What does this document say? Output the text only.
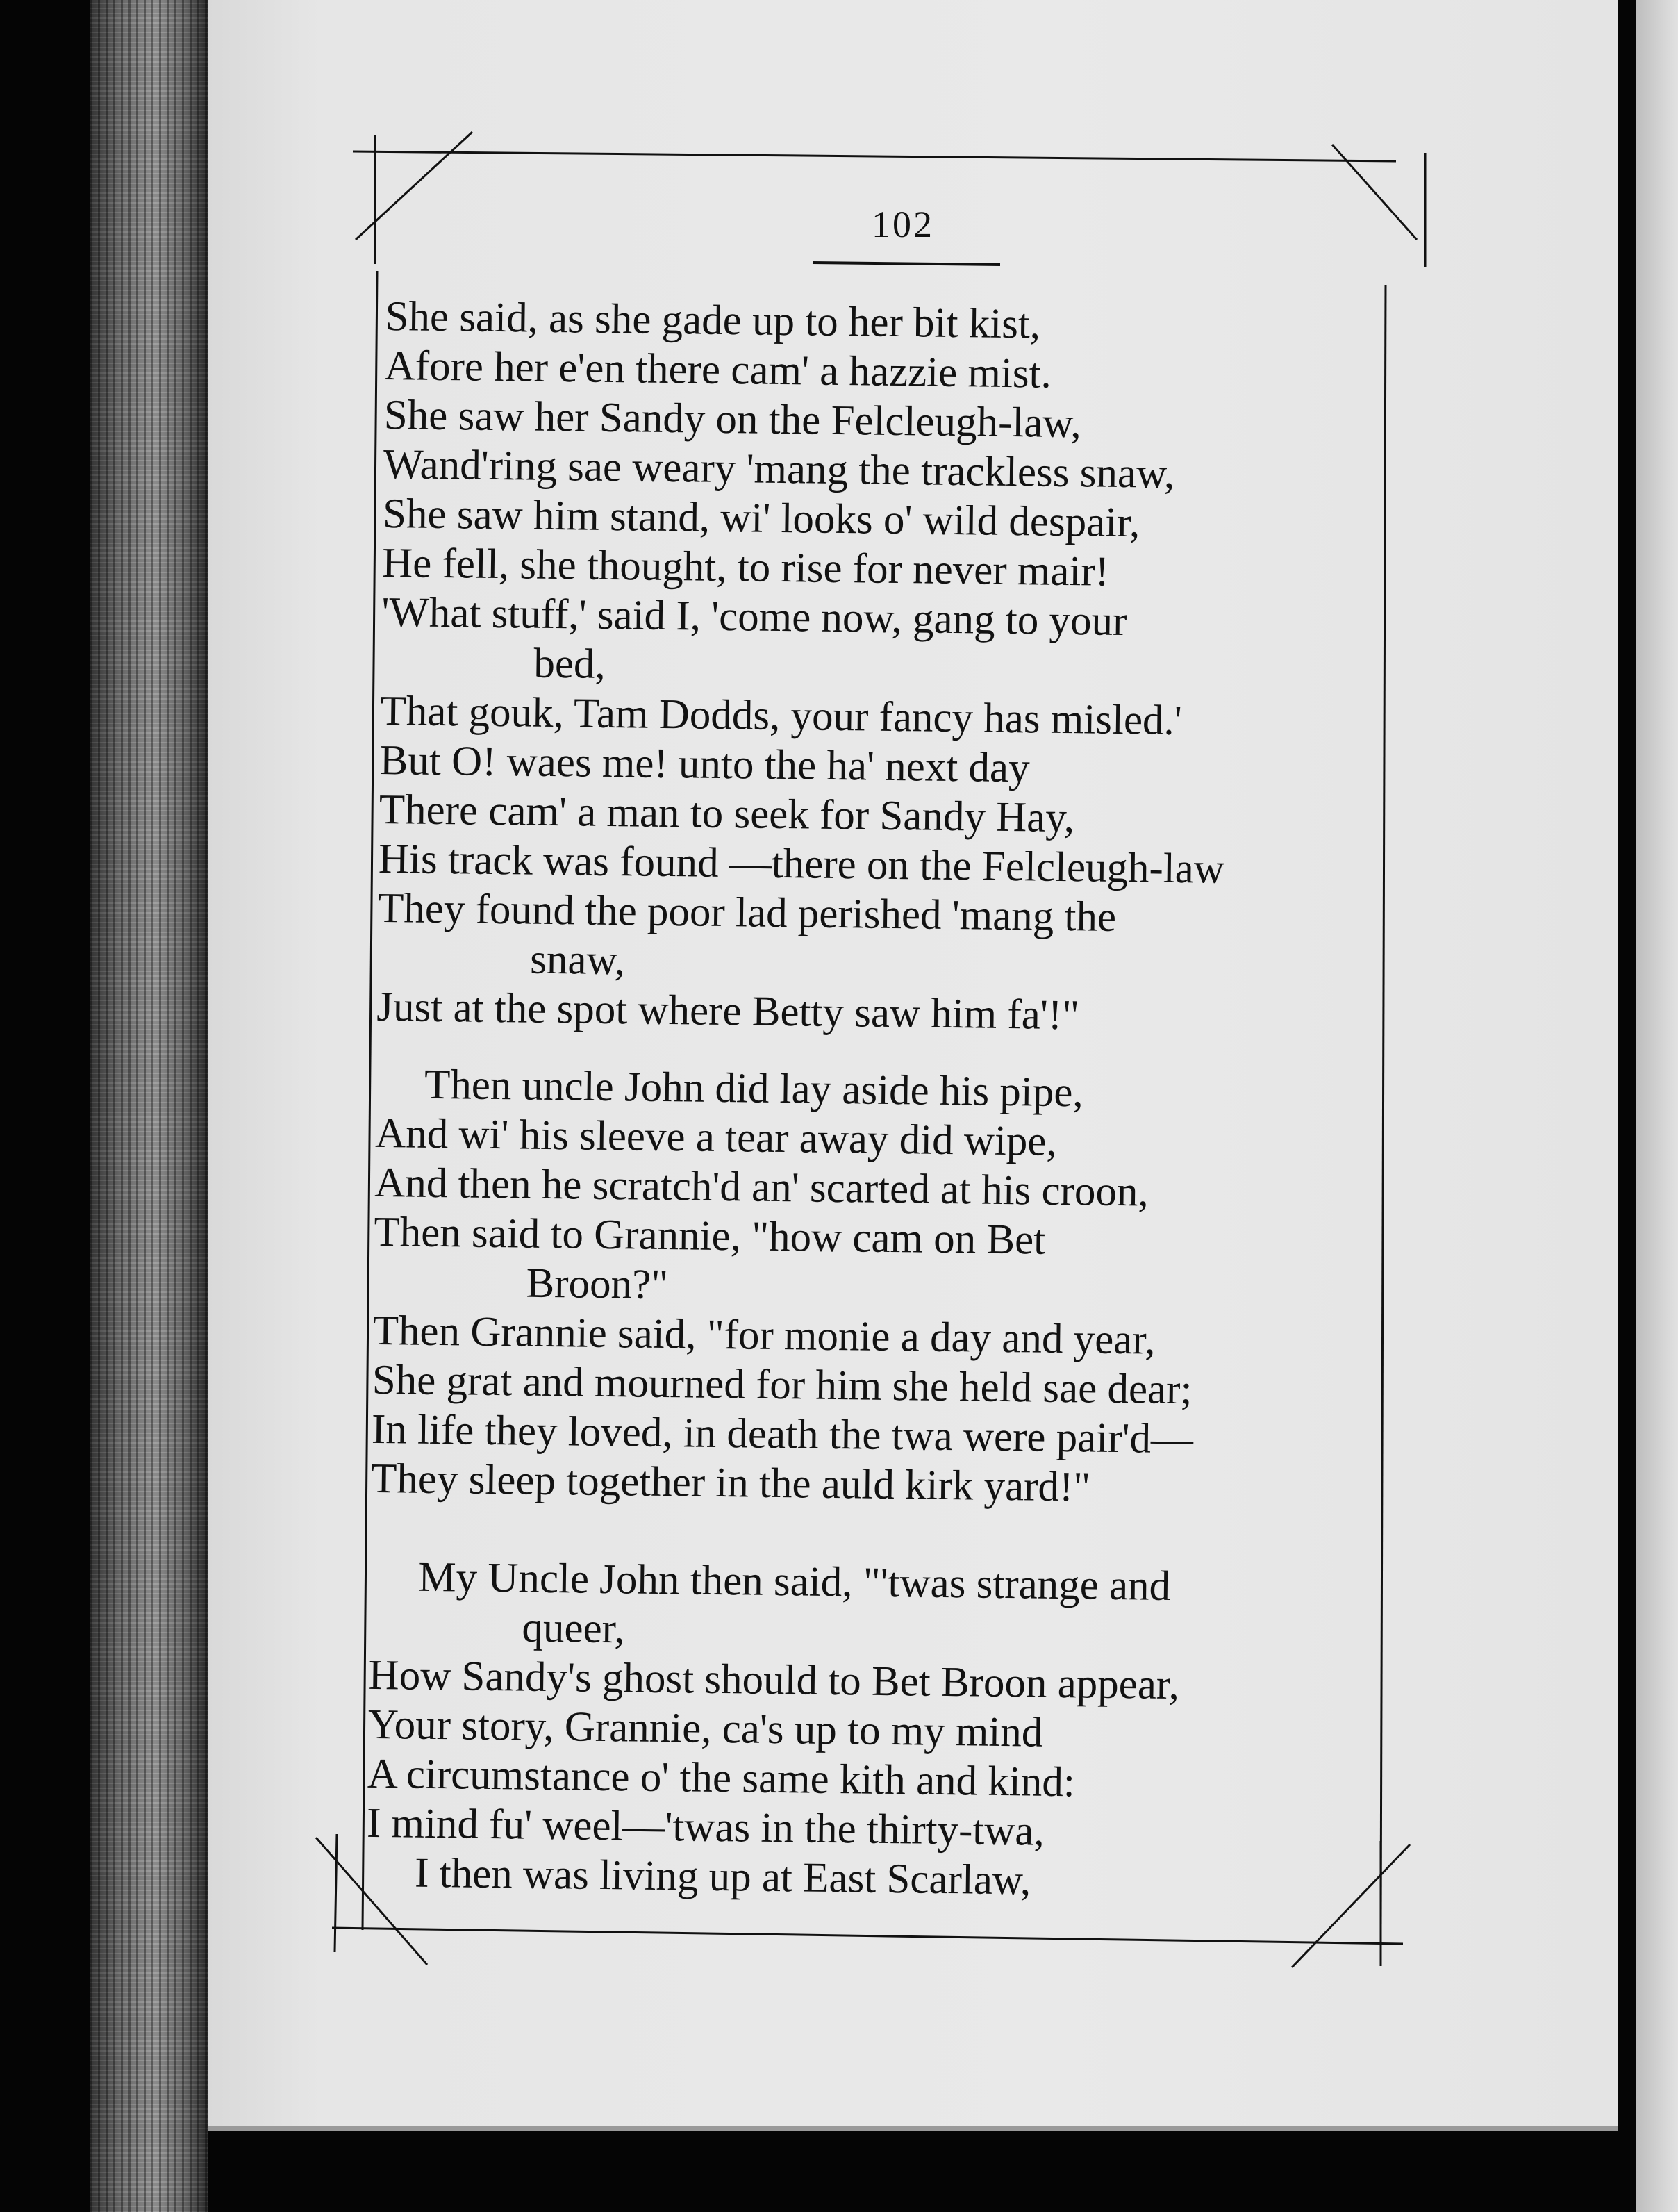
102
She said, as she gade up to her bit kist,
Afore her e'en there cam' a hazzie mist.
She saw her Sandy on the Felcleugh-law,
Wand'ring sae weary 'mang the trackless snaw,
She saw him stand, wi' looks o' wild despair,
He fell, she thought, to rise for never mair!
'What stuff,' said I, 'come now, gang to your
bed,
That gouk, Tam Dodds, your fancy has misled.'
But O! waes me! unto the ha' next day
There cam' a man to seek for Sandy Hay,
His track was found —there on the Felcleugh-law
They found the poor lad perished 'mang the
snaw,
Just at the spot where Betty saw him fa'!"
Then uncle John did lay aside his pipe,
And wi' his sleeve a tear away did wipe,
And then he scratch'd an' scarted at his croon,
Then said to Grannie, "how cam on Bet
Broon?"
Then Grannie said, "for monie a day and year,
She grat and mourned for him she held sae dear;
In life they loved, in death the twa were pair'd—
They sleep together in the auld kirk yard!"
My Uncle John then said, "'twas strange and
queer,
How Sandy's ghost should to Bet Broon appear,
Your story, Grannie, ca's up to my mind
A circumstance o' the same kith and kind:
I mind fu' weel—'twas in the thirty-twa,
I then was living up at East Scarlaw,
